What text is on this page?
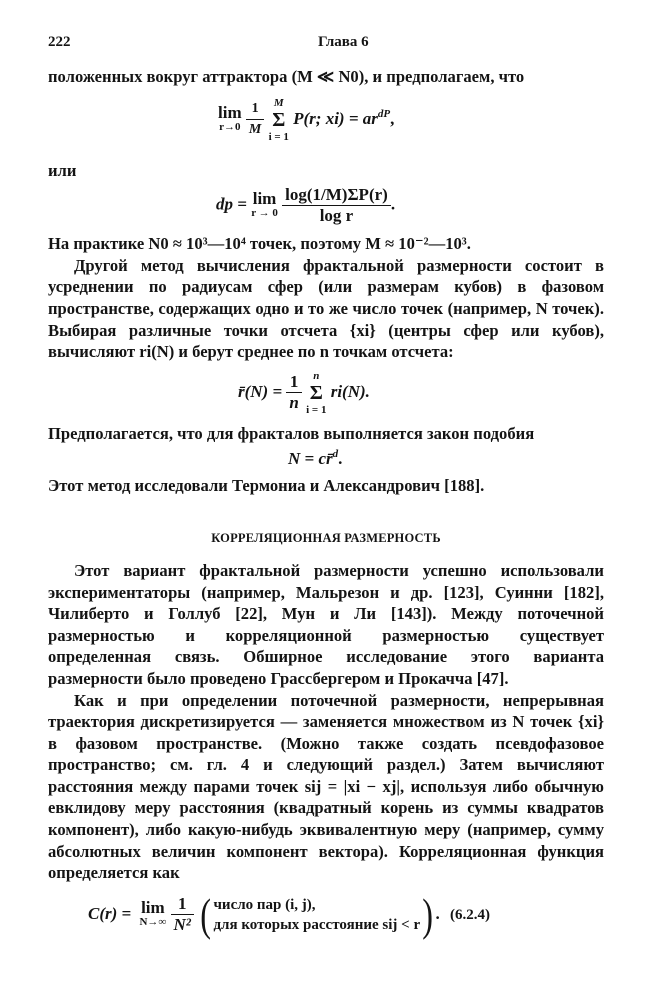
222	Глава 6

положенных вокруг аттрактора (M ≪ N0), и предполагаем, что

lim
r→0
$\frac{1}{M}$
M
Σ
i = 1
P(r; $xi) = ar^{dP}$,

или

dp = lim
r → 0
$\frac{\log(1/M)\Sigma P(r)}{\text{log r}}$ .

На практике N0 ≈ 10³—10⁴ точек, поэтому M ≈ 10⁻²—10³.

Другой метод вычисления фрактальной размерности состоит в усреднении по радиусам сфер (или размерам кубов) в фазовом пространстве, содержащих одно и то же число точек (например, N точек). Выбирая различные точки отсчета {xi} (центры сфер или кубов), вычисляют ri(N) и берут среднее по n точкам отсчета:

r̄(N) = $\frac{1}{n}$
	n
Σ
i = 1
ri(N).

Предполагается, что для фракталов выполняется закон подобия

N = cr̄$^d$.

Этот метод исследовали Термониа и Александрович [188].

КОРРЕЛЯЦИОННАЯ РАЗМЕРНОСТЬ

Этот вариант фрактальной размерности успешно использовали экспериментаторы (например, Мальрезон и др. [123], Суинни [182], Чилиберто и Голлуб [22], Мун и Ли [143]). Между поточечной размерностью и корреляционной размерностью существует определенная связь. Обширное исследование этого варианта размерности было проведено Грассбергером и Прокачча [47].

Как и при определении поточечной размерности, непрерывная траектория дискретизируется — заменяется множеством из N точек {xi} в фазовом пространстве. (Можно также создать псевдофазовое пространство; см. гл. 4 и следующий раздел.) Затем вычисляют расстояния между парами точек sij = |xi − xj|, используя либо обычную евклидову меру расстояния (квадратный корень из суммы квадратов компонент), либо какую-нибудь эквивалентную меру (например, сумму абсолютных величин компонент вектора). Корреляционная функция определяется как

C(r) = lim
N→∞
$\frac{1}{\text{N²}}$ ( число пар (i, j),
для которых расстояние sij < r ) . (6.2.4)
